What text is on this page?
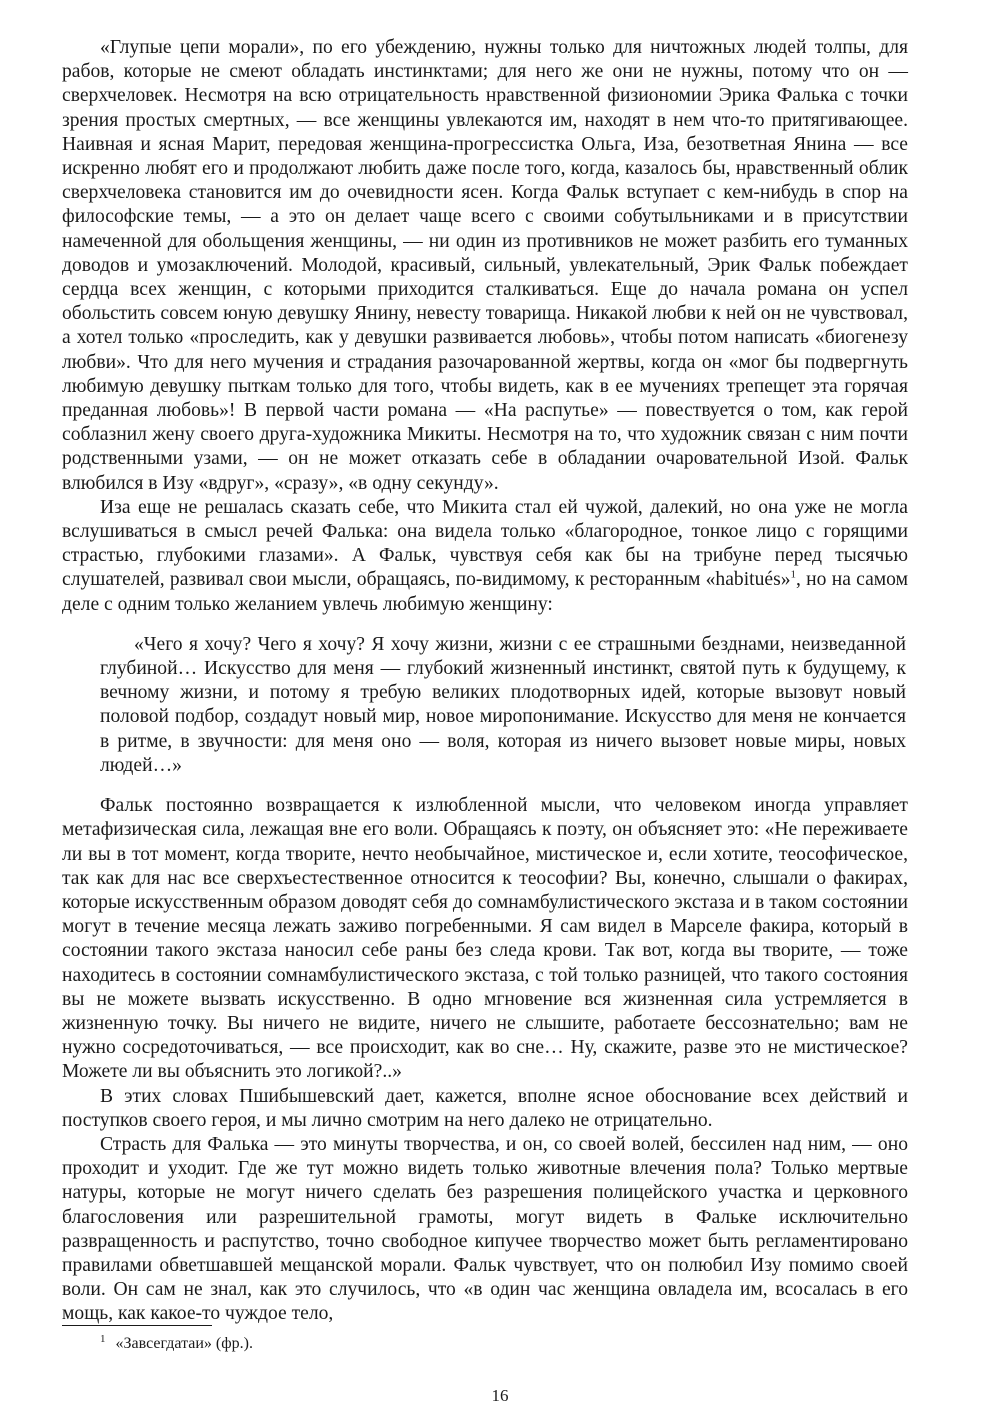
«Глупые цепи морали», по его убеждению, нужны только для ничтожных людей толпы, для рабов, которые не смеют обладать инстинктами; для него же они не нужны, потому что он — сверхчеловек. Несмотря на всю отрицательность нравственной физиономии Эрика Фалька с точки зрения простых смертных, — все женщины увлекаются им, находят в нем что-то притягивающее. Наивная и ясная Марит, передовая женщина-прогрессистка Ольга, Иза, безответная Янина — все искренно любят его и продолжают любить даже после того, когда, казалось бы, нравственный облик сверхчеловека становится им до очевидности ясен. Когда Фальк вступает с кем-нибудь в спор на философские темы, — а это он делает чаще всего с своими собутыльниками и в присутствии намеченной для обольщения женщины, — ни один из противников не может разбить его туманных доводов и умозаключений. Молодой, красивый, сильный, увлекательный, Эрик Фальк побеждает сердца всех женщин, с которыми приходится сталкиваться. Еще до начала романа он успел обольстить совсем юную девушку Янину, невесту товарища. Никакой любви к ней он не чувствовал, а хотел только «проследить, как у девушки развивается любовь», чтобы потом написать «биогенезу любви». Что для него мучения и страдания разочарованной жертвы, когда он «мог бы подвергнуть любимую девушку пыткам только для того, чтобы видеть, как в ее мучениях трепещет эта горячая преданная любовь»! В первой части романа — «На распутье» — повествуется о том, как герой соблазнил жену своего друга-художника Микиты. Несмотря на то, что художник связан с ним почти родственными узами, — он не может отказать себе в обладании очаровательной Изой. Фальк влюбился в Изу «вдруг», «сразу», «в одну секунду».

Иза еще не решалась сказать себе, что Микита стал ей чужой, далекий, но она уже не могла вслушиваться в смысл речей Фалька: она видела только «благородное, тонкое лицо с горящими страстью, глубокими глазами». А Фальк, чувствуя себя как бы на трибуне перед тысячью слушателей, развивал свои мысли, обращаясь, по-видимому, к ресторанным «habitués»$^1$, но на самом деле с одним только желанием увлечь любимую женщину:

«Чего я хочу? Чего я хочу? Я хочу жизни, жизни с ее страшными безднами, неизведанной глубиной… Искусство для меня — глубокий жизненный инстинкт, святой путь к будущему, к вечному жизни, и потому я требую великих плодотворных идей, которые вызовут новый половой подбор, создадут новый мир, новое миропонимание. Искусство для меня не кончается в ритме, в звучности: для меня оно — воля, которая из ничего вызовет новые миры, новых людей…»

Фальк постоянно возвращается к излюбленной мысли, что человеком иногда управляет метафизическая сила, лежащая вне его воли. Обращаясь к поэту, он объясняет это: «Не переживаете ли вы в тот момент, когда творите, нечто необычайное, мистическое и, если хотите, теософическое, так как для нас все сверхъестественное относится к теософии? Вы, конечно, слышали о факирах, которые искусственным образом доводят себя до сомнамбулистического экстаза и в таком состоянии могут в течение месяца лежать заживо погребенными. Я сам видел в Марселе факира, который в состоянии такого экстаза наносил себе раны без следа крови. Так вот, когда вы творите, — тоже находитесь в состоянии сомнамбулистического экстаза, с той только разницей, что такого состояния вы не можете вызвать искусственно. В одно мгновение вся жизненная сила устремляется в жизненную точку. Вы ничего не видите, ничего не слышите, работаете бессознательно; вам не нужно сосредоточиваться, — все происходит, как во сне… Ну, скажите, разве это не мистическое? Можете ли вы объяснить это логикой?..»

В этих словах Пшибышевский дает, кажется, вполне ясное обоснование всех действий и поступков своего героя, и мы лично смотрим на него далеко не отрицательно.

Страсть для Фалька — это минуты творчества, и он, со своей волей, бессилен над ним, — оно проходит и уходит. Где же тут можно видеть только животные влечения пола? Только мертвые натуры, которые не могут ничего сделать без разрешения полицейского участка и церковного благословения или разрешительной грамоты, могут видеть в Фальке исключительно развращенность и распутство, точно свободное кипучее творчество может быть регламентировано правилами обветшавшей мещанской морали. Фальк чувствует, что он полюбил Изу помимо своей воли. Он сам не знал, как это случилось, что «в один час женщина овладела им, всосалась в его мощь, как какое-то чуждое тело,

$^1$ «Завсегдатаи» (фр.).

16
